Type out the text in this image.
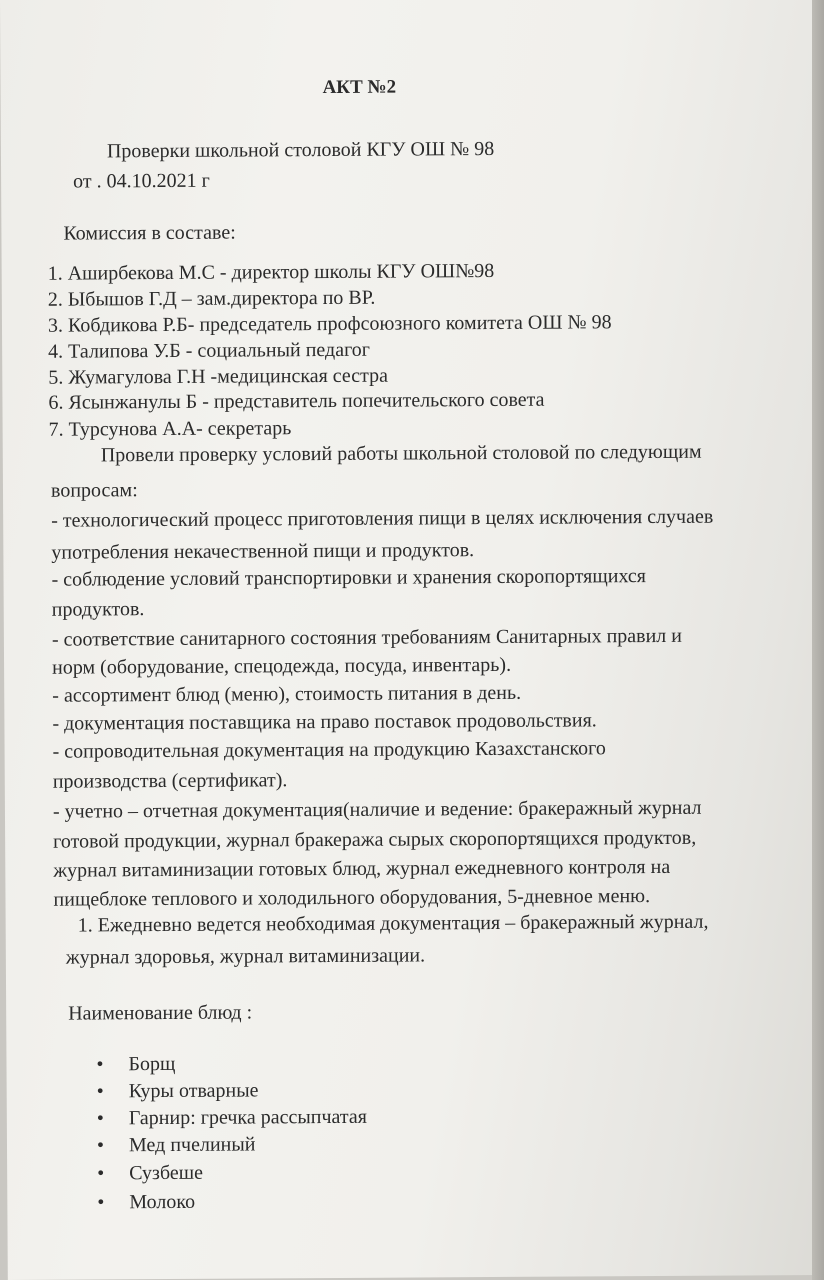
АКТ №2
Проверки школьной столовой КГУ ОШ № 98
от . 04.10.2021 г
Комиссия в составе:
1. Аширбекова М.С - директор школы КГУ ОШ№98
2. Ыбышов Г.Д – зам.директора по ВР.
3. Кобдикова Р.Б- председатель профсоюзного комитета ОШ № 98
4. Талипова У.Б - социальный педагог
5. Жумагулова Г.Н -медицинская сестра
6. Ясынжанулы Б - представитель попечительского совета
7. Турсунова А.А- секретарь
Провели проверку условий работы школьной столовой по следующим
вопросам:
- технологический процесс приготовления пищи в целях исключения случаев
употребления некачественной пищи и продуктов.
- соблюдение условий транспортировки и хранения скоропортящихся
продуктов.
- соответствие санитарного состояния требованиям Санитарных правил и
норм (оборудование, спецодежда, посуда, инвентарь).
- ассортимент блюд (меню), стоимость питания в день.
- документация поставщика на право поставок продовольствия.
- сопроводительная документация на продукцию Казахстанского
производства (сертификат).
- учетно – отчетная документация(наличие и ведение: бракеражный журнал
готовой продукции, журнал бракеража сырых скоропортящихся продуктов,
журнал витаминизации готовых блюд, журнал ежедневного контроля на
пищеблоке теплового и холодильного оборудования, 5-дневное меню.
1. Ежедневно ведется необходимая документация – бракеражный журнал,
журнал здоровья, журнал витаминизации.
Наименование блюд :
• Борщ
• Куры отварные
• Гарнир: гречка рассыпчатая
• Мед пчелиный
• Сузбеше
• Молоко
